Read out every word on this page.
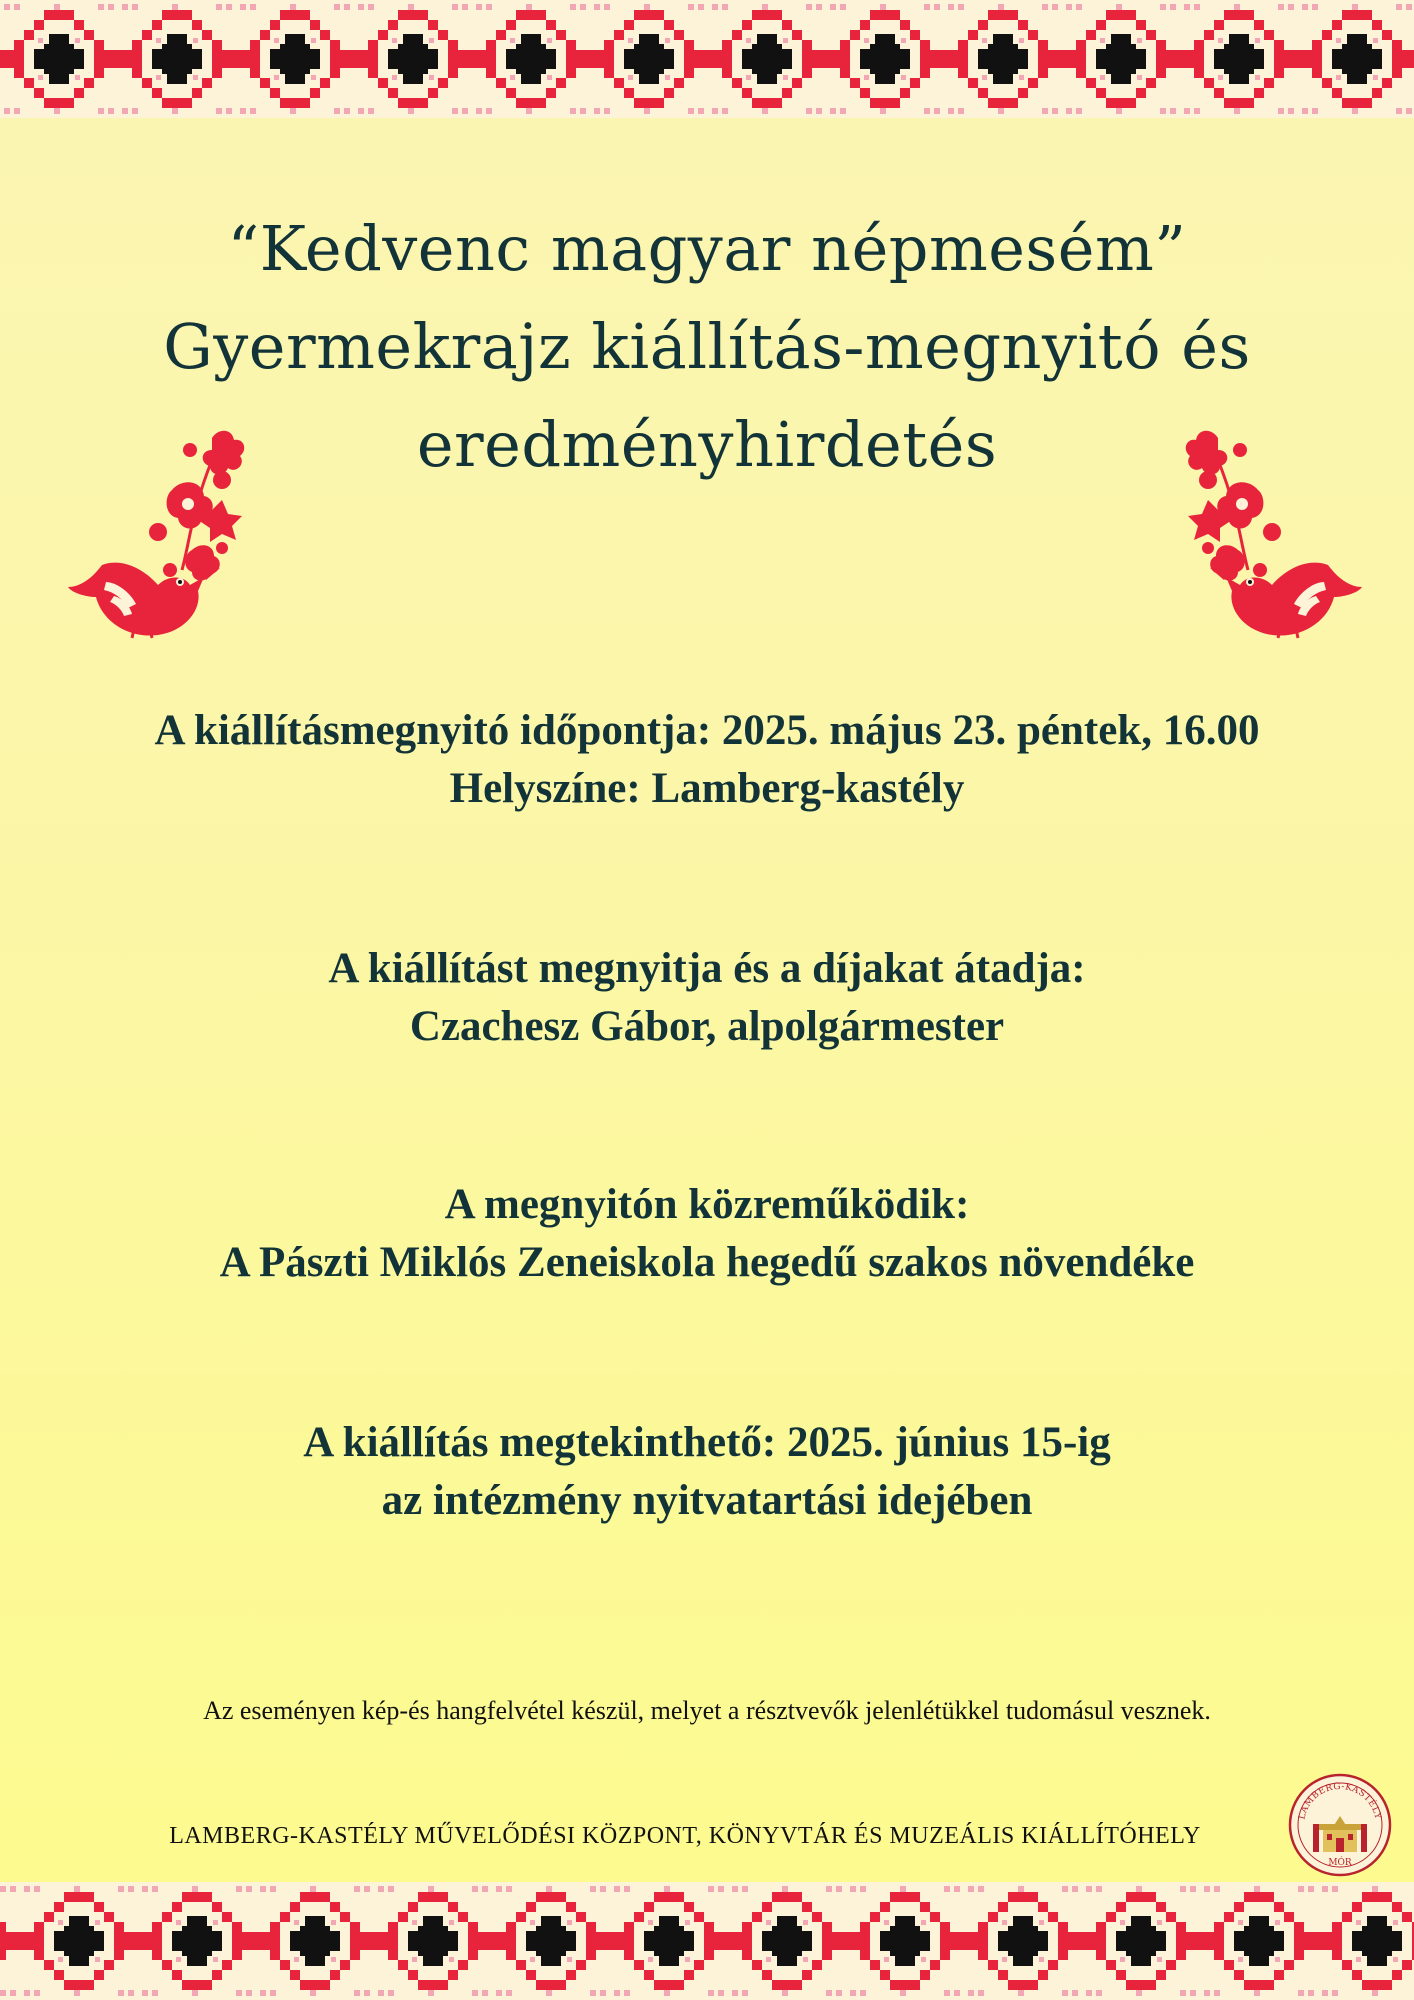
“Kedvenc magyar népmesém”
Gyermekrajz kiállítás-megnyitó és
eredményhirdetés
A kiállításmegnyitó időpontja: 2025. május 23. péntek, 16.00
Helyszíne: Lamberg-kastély
A kiállítást megnyitja és a díjakat átadja:
Czachesz Gábor, alpolgármester
A megnyitón közreműködik:
A Pászti Miklós Zeneiskola hegedű szakos növendéke
A kiállítás megtekinthető: 2025. június 15-ig
az intézmény nyitvatartási idejében
Az eseményen kép-és hangfelvétel készül, melyet a résztvevők jelenlétükkel tudomásul vesznek.
LAMBERG-KASTÉLY MŰVELŐDÉSI KÖZPONT, KÖNYVTÁR ÉS MUZEÁLIS KIÁLLÍTÓHELY
LAMBERG-KASTÉLY
MÓR
